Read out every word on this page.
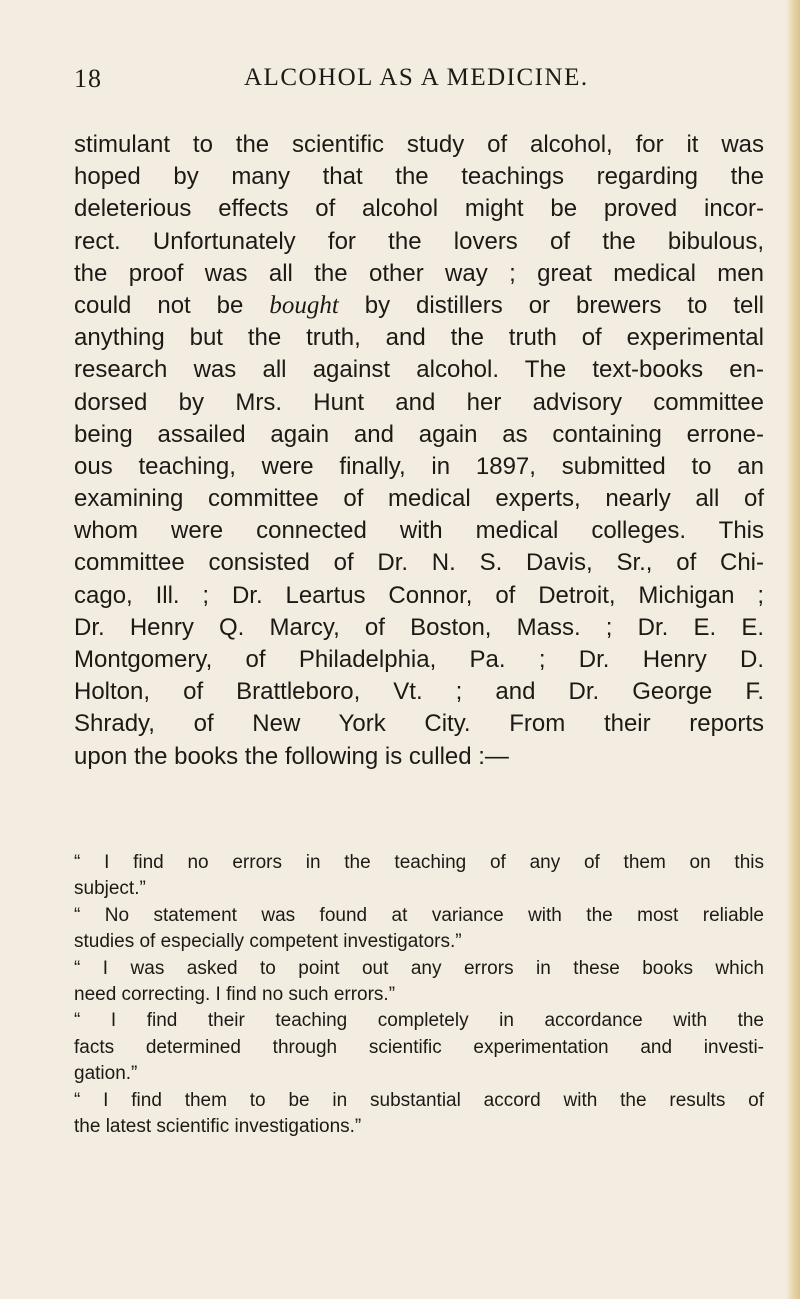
18	ALCOHOL AS A MEDICINE.
stimulant to the scientific study of alcohol, for it was
hoped by many that the teachings regarding the
deleterious effects of alcohol might be proved incor-
rect. Unfortunately for the lovers of the bibulous,
the proof was all the other way ; great medical men
could not be bought by distillers or brewers to tell
anything but the truth, and the truth of experimental
research was all against alcohol. The text-books en-
dorsed by Mrs. Hunt and her advisory committee
being assailed again and again as containing errone-
ous teaching, were finally, in 1897, submitted to an
examining committee of medical experts, nearly all of
whom were connected with medical colleges. This
committee consisted of Dr. N. S. Davis, Sr., of Chi-
cago, Ill. ; Dr. Leartus Connor, of Detroit, Michigan ;
Dr. Henry Q. Marcy, of Boston, Mass. ; Dr. E. E.
Montgomery, of Philadelphia, Pa. ; Dr. Henry D.
Holton, of Brattleboro, Vt. ; and Dr. George F.
Shrady, of New York City. From their reports
upon the books the following is culled :—
“ I find no errors in the teaching of any of them on this
subject.”
“ No statement was found at variance with the most reliable
studies of especially competent investigators.”
“ I was asked to point out any errors in these books which
need correcting. I find no such errors.”
“ I find their teaching completely in accordance with the
facts determined through scientific experimentation and investi-
gation.”
“ I find them to be in substantial accord with the results of
the latest scientific investigations.”
